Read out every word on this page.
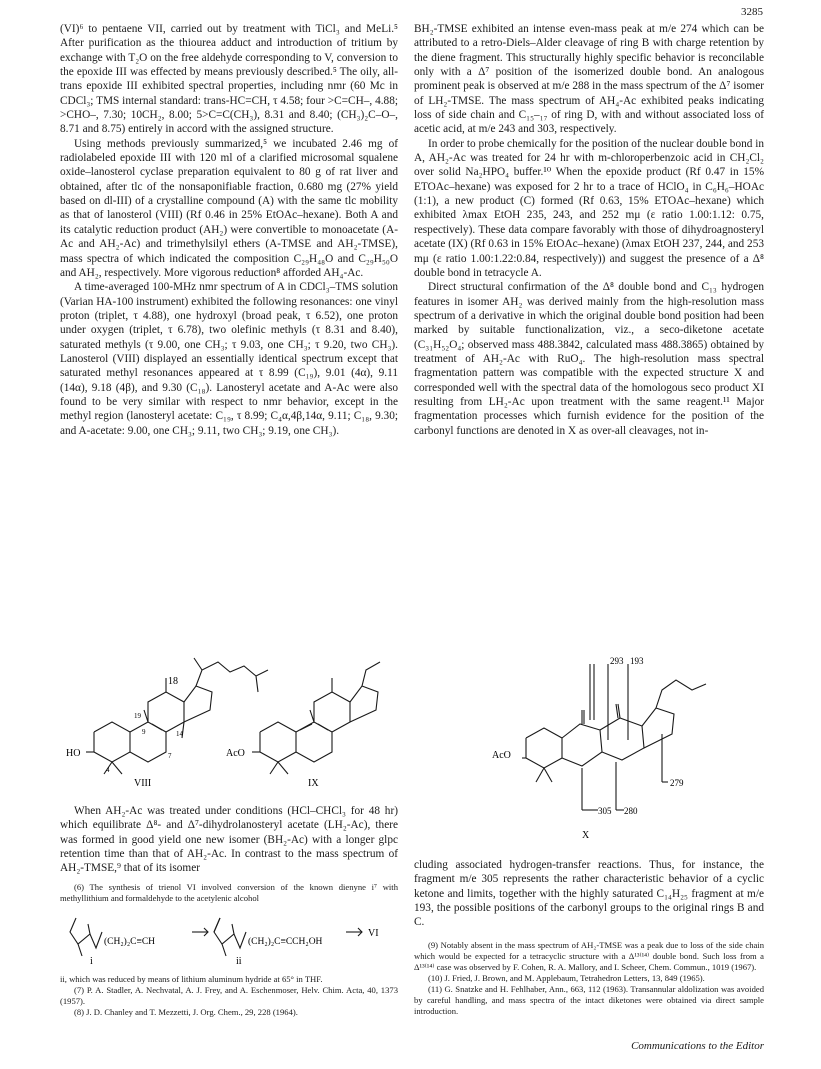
3285

(VI)⁶ to pentaene VII, carried out by treatment with TiCl₃ and MeLi.⁵ After purification as the thiourea adduct and introduction of tritium by exchange with T₂O on the free aldehyde corresponding to V, conversion to the epoxide III was effected by means previously described.⁵ The oily, all-trans epoxide III exhibited spectral properties, including nmr (60 Mc in CDCl₃; TMS internal standard: trans-HC=CH, τ 4.58; four >C=CH–, 4.88; >CHO–, 7.30; 10CH₂, 8.00; 5>C=C(CH₃), 8.31 and 8.40; (CH₃)₂C–O–, 8.71 and 8.75) entirely in accord with the assigned structure.

Using methods previously summarized,⁵ we incubated 2.46 mg of radiolabeled epoxide III with 120 ml of a clarified microsomal squalene oxide–lanosterol cyclase preparation equivalent to 80 g of rat liver and obtained, after tlc of the nonsaponifiable fraction, 0.680 mg (27% yield based on dl-III) of a crystalline compound (A) with the same tlc mobility as that of lanosterol (VIII) (Rf 0.46 in 25% EtOAc–hexane). Both A and its catalytic reduction product (AH₂) were convertible to monoacetate (A-Ac and AH₂-Ac) and trimethylsilyl ethers (A-TMSE and AH₂-TMSE), mass spectra of which indicated the composition C₂₉H₄₈O and C₂₉H₅₀O and AH₂, respectively. More vigorous reduction⁸ afforded AH₄-Ac.

A time-averaged 100-MHz nmr spectrum of A in CDCl₃–TMS solution (Varian HA-100 instrument) exhibited the following resonances: one vinyl proton (triplet, τ 4.88), one hydroxyl (broad peak, τ 6.52), one proton under oxygen (triplet, τ 6.78), two olefinic methyls (τ 8.31 and 8.40), saturated methyls (τ 9.00, one CH₃; τ 9.03, one CH₃; τ 9.20, two CH₃). Lanosterol (VIII) displayed an essentially identical spectrum except that saturated methyl resonances appeared at τ 8.99 (C₁₉), 9.01 (4α), 9.11 (14α), 9.18 (4β), and 9.30 (C₁₈). Lanosteryl acetate and A-Ac were also found to be very similar with respect to nmr behavior, except in the methyl region (lanosteryl acetate: C₁₉, τ 8.99; C₄α,4β,14α, 9.11; C₁₈, 9.30; and A-acetate: 9.00, one CH₃; 9.11, two CH₃; 9.19, one CH₃).

BH₂-TMSE exhibited an intense even-mass peak at m/e 274 which can be attributed to a retro-Diels–Alder cleavage of ring B with charge retention by the diene fragment. This structurally highly specific behavior is reconcilable only with a Δ⁷ position of the isomerized double bond. An analogous prominent peak is observed at m/e 288 in the mass spectrum of the Δ⁷ isomer of LH₂-TMSE. The mass spectrum of AH₄-Ac exhibited peaks indicating loss of side chain and C₁₅–₁₇ of ring D, with and without associated loss of acetic acid, at m/e 243 and 303, respectively.

In order to probe chemically for the position of the nuclear double bond in A, AH₂-Ac was treated for 24 hr with m-chloroperbenzoic acid in CH₂Cl₂ over solid Na₂HPO₄ buffer.¹⁰ When the epoxide product (Rf 0.47 in 15% ETOAc–hexane) was exposed for 2 hr to a trace of HClO₄ in C₆H₆–HOAc (1:1), a new product (C) formed (Rf 0.63, 15% ETOAc–hexane) which exhibited λmax EtOH 235, 243, and 252 mμ (ε ratio 1.00:1.12: 0.75, respectively). These data compare favorably with those of dihydroagnosteryl acetate (IX) (Rf 0.63 in 15% EtOAc–hexane) (λmax EtOH 237, 244, and 253 mμ (ε ratio 1.00:1.22:0.84, respectively)) and suggest the presence of a Δ⁸ double bond in tetracycle A.

Direct structural confirmation of the Δ⁸ double bond and C₁₃ hydrogen features in isomer AH₂ was derived mainly from the high-resolution mass spectrum of a derivative in which the original double bond position had been marked by suitable functionalization, viz., a seco-diketone acetate (C₃₁H₅₂O₄; observed mass 488.3842, calculated mass 488.3865) obtained by treatment of AH₂-Ac with RuO₄. The high-resolution mass spectral fragmentation pattern was compatible with the expected structure X and corresponded well with the spectral data of the homologous seco product XI resulting from LH₂-Ac upon treatment with the same reagent.¹¹ Major fragmentation processes which furnish evidence for the position of the carbonyl functions are denoted in X as over-all cleavages, not in-

HO
18
19
14
9
7
4
VIII
AcO
IX
293 193
279
305 280
AcO
X

When AH₂-Ac was treated under conditions (HCl–CHCl₃ for 48 hr) which equilibrate Δ⁸- and Δ⁷-dihydrolanosteryl acetate (LH₂-Ac), there was formed in good yield one new isomer (BH₂-Ac) with a longer glpc retention time than that of AH₂-Ac. In contrast to the mass spectrum of AH₂-TMSE,⁹ that of its isomer

(6) The synthesis of trienol VI involved conversion of the known dienyne i⁷ with methyllithium and formaldehyde to the acetylenic alcohol
(CH₂)₂C≡CH	(CH₂)₂C≡CCH₂OH
VI
i	ii
ii, which was reduced by means of lithium aluminum hydride at 65° in THF.
(7) P. A. Stadler, A. Nechvatal, A. J. Frey, and A. Eschenmoser, Helv. Chim. Acta, 40, 1373 (1957).
(8) J. D. Chanley and T. Mezzetti, J. Org. Chem., 29, 228 (1964).

cluding associated hydrogen-transfer reactions. Thus, for instance, the fragment m/e 305 represents the rather characteristic behavior of a cyclic ketone and limits, together with the highly saturated C₁₄H₂₅ fragment at m/e 193, the possible positions of the carbonyl groups to the original rings B and C.

(9) Notably absent in the mass spectrum of AH₂-TMSE was a peak due to loss of the side chain which would be expected for a tetracyclic structure with a Δ¹³⁽¹⁴⁾ double bond. Such loss from a Δ¹³⁽¹⁴⁾ case was observed by F. Cohen, R. A. Mallory, and I. Scheer, Chem. Commun., 1019 (1967).
(10) J. Fried, J. Brown, and M. Applebaum, Tetrahedron Letters, 13, 849 (1965).
(11) G. Snatzke and H. Fehlhaber, Ann., 663, 112 (1963). Transannular aldolization was avoided by careful handling, and mass spectra of the intact diketones were obtained via direct sample introduction.
Communications to the Editor
